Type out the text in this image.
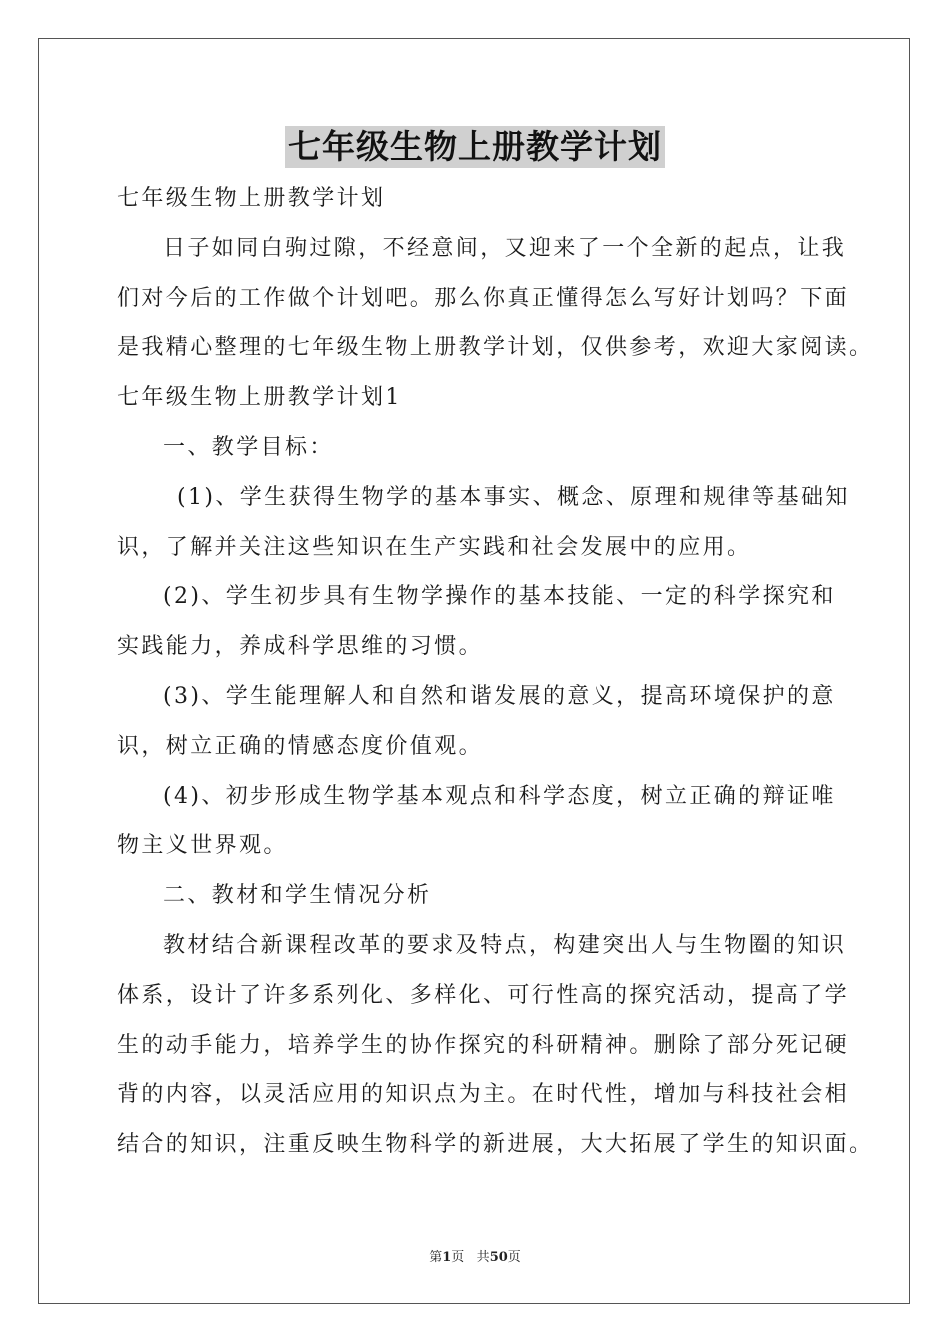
七年级生物上册教学计划
七年级生物上册教学计划
日子如同白驹过隙，不经意间，又迎来了一个全新的起点，让我
们对今后的工作做个计划吧。那么你真正懂得怎么写好计划吗？下面
是我精心整理的七年级生物上册教学计划，仅供参考，欢迎大家阅读。
七年级生物上册教学计划1
一、教学目标：
(1)、学生获得生物学的基本事实、概念、原理和规律等基础知
识，了解并关注这些知识在生产实践和社会发展中的应用。
(2)、学生初步具有生物学操作的基本技能、一定的科学探究和
实践能力，养成科学思维的习惯。
(3)、学生能理解人和自然和谐发展的意义，提高环境保护的意
识，树立正确的情感态度价值观。
(4)、初步形成生物学基本观点和科学态度，树立正确的辩证唯
物主义世界观。
二、教材和学生情况分析
教材结合新课程改革的要求及特点，构建突出人与生物圈的知识
体系，设计了许多系列化、多样化、可行性高的探究活动，提高了学
生的动手能力，培养学生的协作探究的科研精神。删除了部分死记硬
背的内容，以灵活应用的知识点为主。在时代性，增加与科技社会相
结合的知识，注重反映生物科学的新进展，大大拓展了学生的知识面。
第1页 共50页
